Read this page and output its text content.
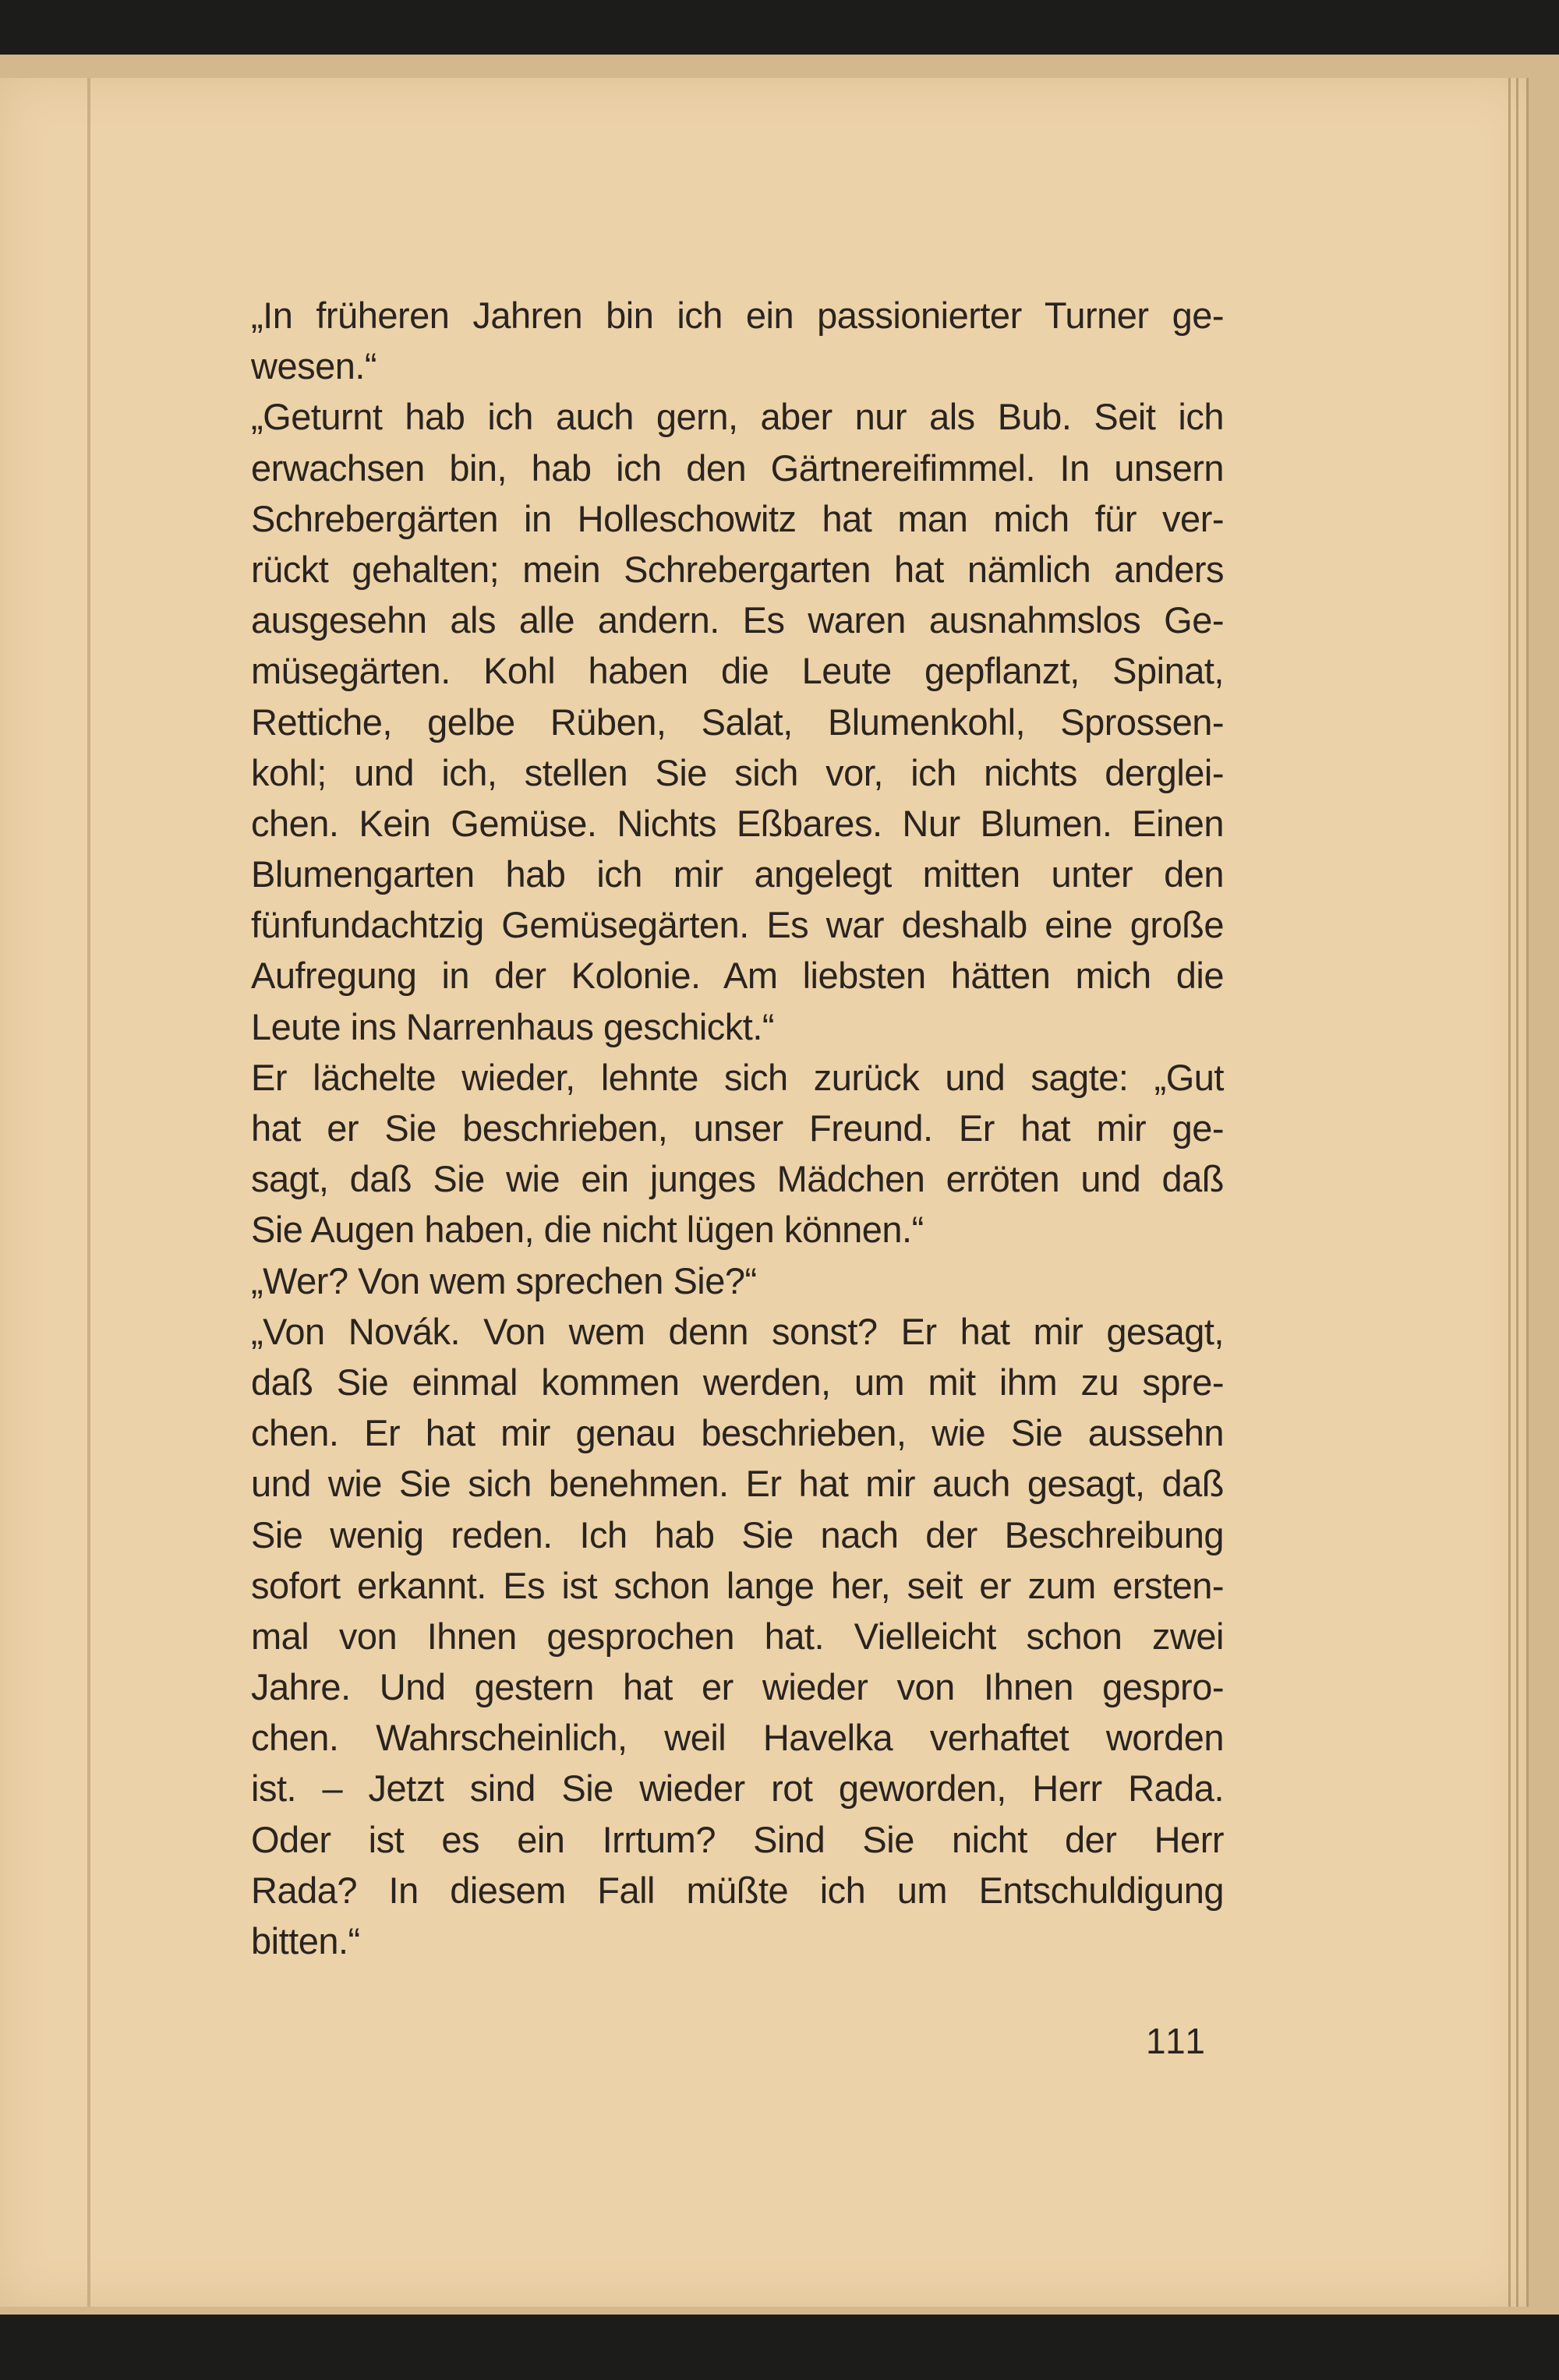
„In früheren Jahren bin ich ein passionierter Turner ge-
wesen.“
„Geturnt hab ich auch gern, aber nur als Bub. Seit ich
erwachsen bin, hab ich den Gärtnereifimmel. In unsern
Schrebergärten in Holleschowitz hat man mich für ver-
rückt gehalten; mein Schrebergarten hat nämlich anders
ausgesehn als alle andern. Es waren ausnahmslos Ge-
müsegärten. Kohl haben die Leute gepflanzt, Spinat,
Rettiche, gelbe Rüben, Salat, Blumenkohl, Sprossen-
kohl; und ich, stellen Sie sich vor, ich nichts derglei-
chen. Kein Gemüse. Nichts Eßbares. Nur Blumen. Einen
Blumengarten hab ich mir angelegt mitten unter den
fünfundachtzig Gemüsegärten. Es war deshalb eine große
Aufregung in der Kolonie. Am liebsten hätten mich die
Leute ins Narrenhaus geschickt.“
Er lächelte wieder, lehnte sich zurück und sagte: „Gut
hat er Sie beschrieben, unser Freund. Er hat mir ge-
sagt, daß Sie wie ein junges Mädchen erröten und daß
Sie Augen haben, die nicht lügen können.“
„Wer? Von wem sprechen Sie?“
„Von Novák. Von wem denn sonst? Er hat mir gesagt,
daß Sie einmal kommen werden, um mit ihm zu spre-
chen. Er hat mir genau beschrieben, wie Sie aussehn
und wie Sie sich benehmen. Er hat mir auch gesagt, daß
Sie wenig reden. Ich hab Sie nach der Beschreibung
sofort erkannt. Es ist schon lange her, seit er zum ersten-
mal von Ihnen gesprochen hat. Vielleicht schon zwei
Jahre. Und gestern hat er wieder von Ihnen gespro-
chen. Wahrscheinlich, weil Havelka verhaftet worden
ist. – Jetzt sind Sie wieder rot geworden, Herr Rada.
Oder ist es ein Irrtum? Sind Sie nicht der Herr
Rada? In diesem Fall müßte ich um Entschuldigung
bitten.“
111
